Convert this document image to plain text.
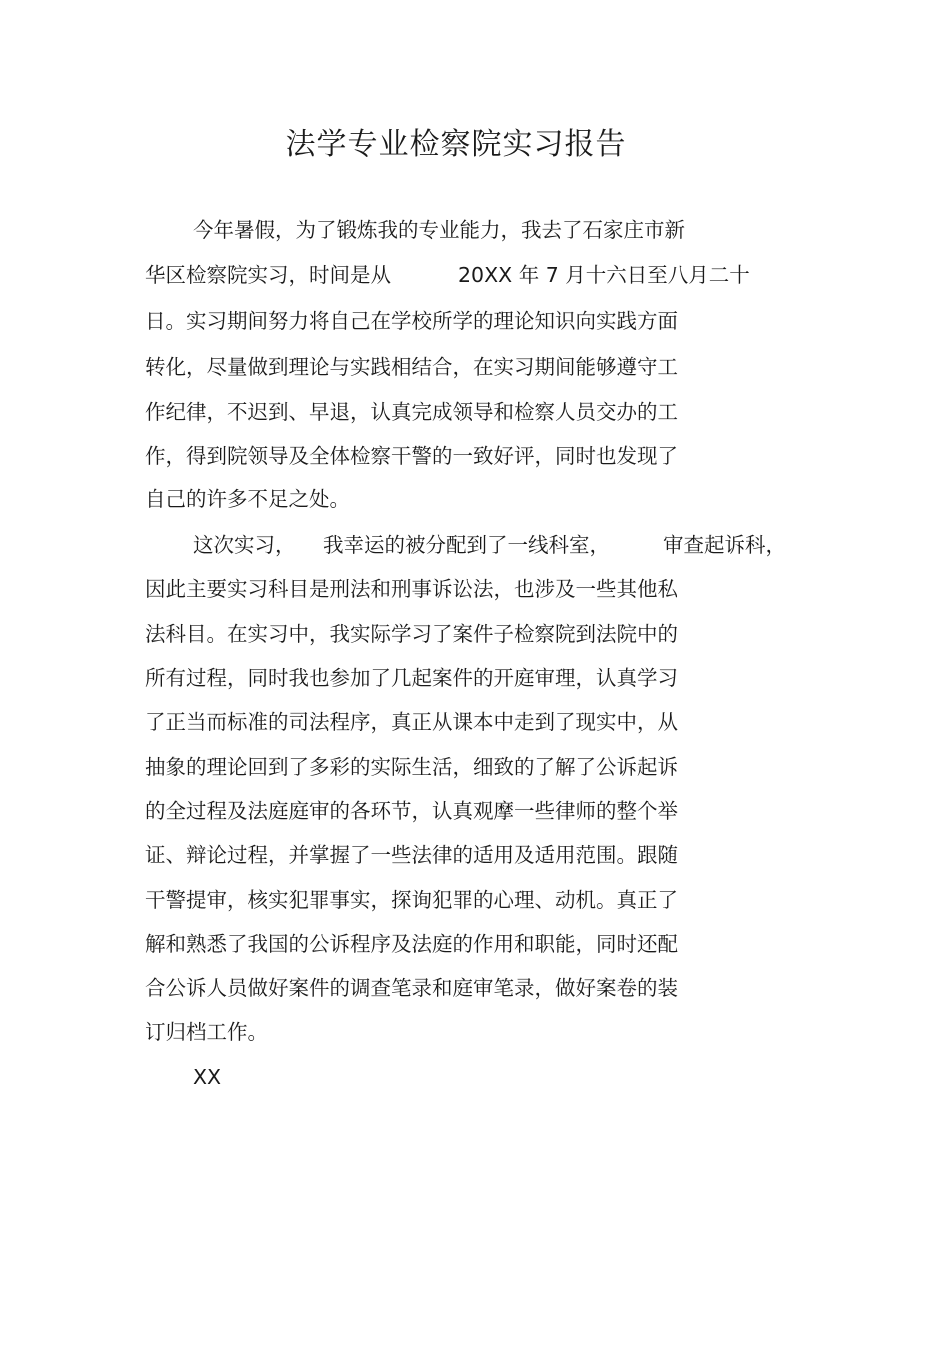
法学专业检察院实习报告
今年暑假，为了锻炼我的专业能力，我去了石家庄市新
华区检察院实习，时间是从	20XX 年 7 月十六日至八月二十
日。实习期间努力将自己在学校所学的理论知识向实践方面
转化，尽量做到理论与实践相结合，在实习期间能够遵守工
作纪律，不迟到、早退，认真完成领导和检察人员交办的工
作，得到院领导及全体检察干警的一致好评，同时也发现了
自己的许多不足之处。
这次实习， 我幸运的被分配到了一线科室，	审查起诉科，
因此主要实习科目是刑法和刑事诉讼法，也涉及一些其他私
法科目。在实习中，我实际学习了案件子检察院到法院中的
所有过程，同时我也参加了几起案件的开庭审理，认真学习
了正当而标准的司法程序，真正从课本中走到了现实中，从
抽象的理论回到了多彩的实际生活，细致的了解了公诉起诉
的全过程及法庭庭审的各环节，认真观摩一些律师的整个举
证、辩论过程，并掌握了一些法律的适用及适用范围。跟随
干警提审，核实犯罪事实，探询犯罪的心理、动机。真正了
解和熟悉了我国的公诉程序及法庭的作用和职能，同时还配
合公诉人员做好案件的调查笔录和庭审笔录，做好案卷的装
订归档工作。
XX
